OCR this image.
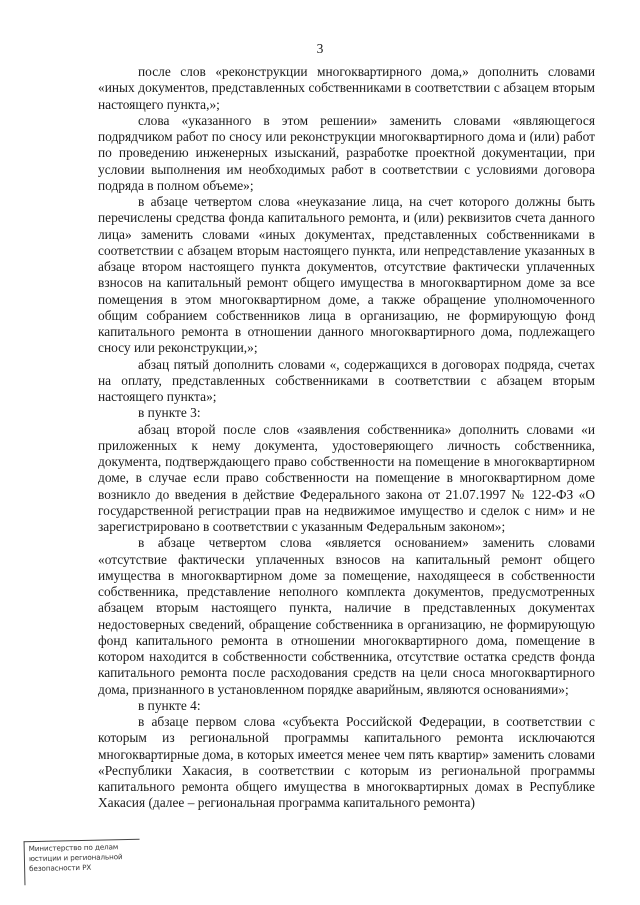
3

после слов «реконструкции многоквартирного дома,» дополнить словами «иных документов, представленных собственниками в соответствии с абзацем вторым настоящего пункта,»;

слова «указанного в этом решении» заменить словами «являющегося подрядчиком работ по сносу или реконструкции многоквартирного дома и (или) работ по проведению инженерных изысканий, разработке проектной документации, при условии выполнения им необходимых работ в соответствии с условиями договора подряда в полном объеме»;

в абзаце четвертом слова «неуказание лица, на счет которого должны быть перечислены средства фонда капитального ремонта, и (или) реквизитов счета данного лица» заменить словами «иных документах, представленных собственниками в соответствии с абзацем вторым настоящего пункта, или непредставление указанных в абзаце втором настоящего пункта документов, отсутствие фактически уплаченных взносов на капитальный ремонт общего имущества в многоквартирном доме за все помещения в этом многоквартирном доме, а также обращение уполномоченного общим собранием собственников лица в организацию, не формирующую фонд капитального ремонта в отношении данного многоквартирного дома, подлежащего сносу или реконструкции,»;

абзац пятый дополнить словами «, содержащихся в договорах подряда, счетах на оплату, представленных собственниками в соответствии с абзацем вторым настоящего пункта»;

в пункте 3:

абзац второй после слов «заявления собственника» дополнить словами «и приложенных к нему документа, удостоверяющего личность собственника, документа, подтверждающего право собственности на помещение в многоквартирном доме, в случае если право собственности на помещение в многоквартирном доме возникло до введения в действие Федерального закона от 21.07.1997 № 122-ФЗ «О государственной регистрации прав на недвижимое имущество и сделок с ним» и не зарегистрировано в соответствии с указанным Федеральным законом»;

в абзаце четвертом слова «является основанием» заменить словами «отсутствие фактически уплаченных взносов на капитальный ремонт общего имущества в многоквартирном доме за помещение, находящееся в собственности собственника, представление неполного комплекта документов, предусмотренных абзацем вторым настоящего пункта, наличие в представленных документах недостоверных сведений, обращение собственника в организацию, не формирующую фонд капитального ремонта в отношении многоквартирного дома, помещение в котором находится в собственности собственника, отсутствие остатка средств фонда капитального ремонта после расходования средств на цели сноса многоквартирного дома, признанного в установленном порядке аварийным, являются основаниями»;

в пункте 4:

в абзаце первом слова «субъекта Российской Федерации, в соответствии с которым из региональной программы капитального ремонта исключаются многоквартирные дома, в которых имеется менее чем пять квартир» заменить словами «Республики Хакасия, в соответствии с которым из региональной программы капитального ремонта общего имущества в многоквартирных домах в Республике Хакасия (далее – региональная программа капитального ремонта)

Министерство по делам
юстиции и региональной
безопасности РХ
